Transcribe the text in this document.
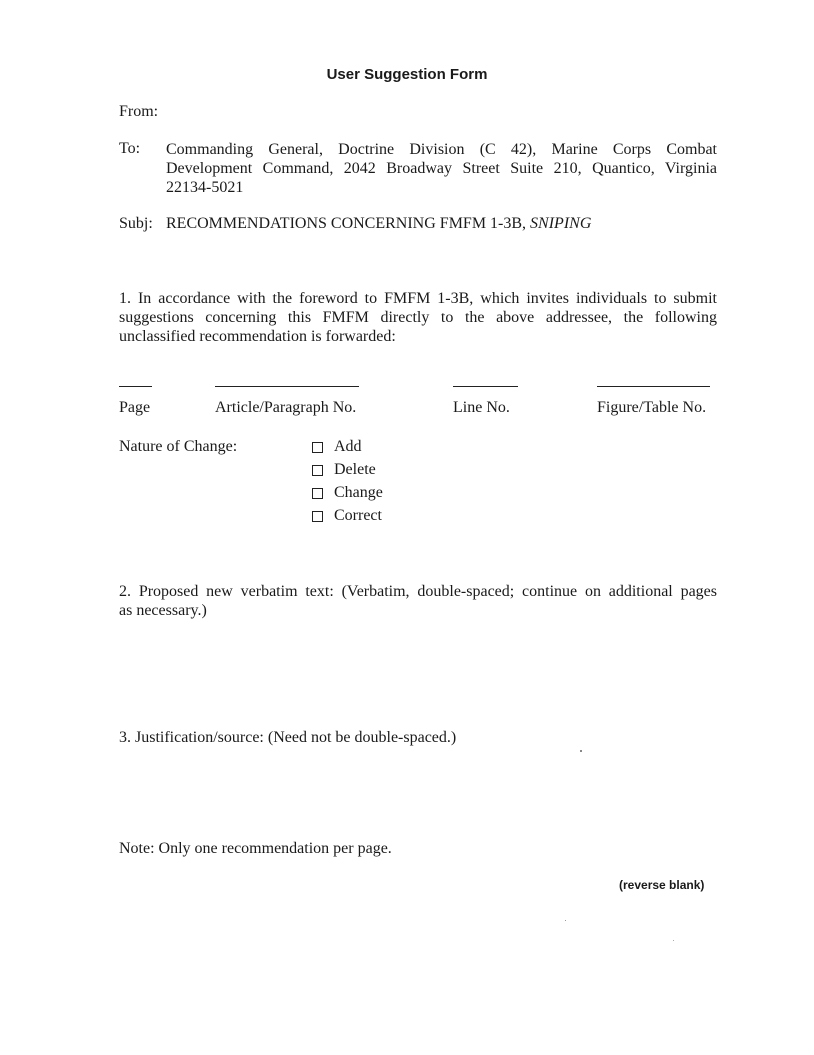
User Suggestion Form
From:
To: Commanding General, Doctrine Division (C 42), Marine Corps Combat
Development Command, 2042 Broadway Street Suite 210, Quantico, Virginia
22134-5021
Subj: RECOMMENDATIONS CONCERNING FMFM 1-3B, SNIPING
1. In accordance with the foreword to FMFM 1-3B, which invites individuals to submit
suggestions concerning this FMFM directly to the above addressee, the following
unclassified recommendation is forwarded:
Page	Article/Paragraph No.	Line No.	Figure/Table No.
Nature of Change:	Add
Delete
Change
Correct
2. Proposed new verbatim text: (Verbatim, double-spaced; continue on additional pages
as necessary.)
3. Justification/source: (Need not be double-spaced.)
Note: Only one recommendation per page.
(reverse blank)
